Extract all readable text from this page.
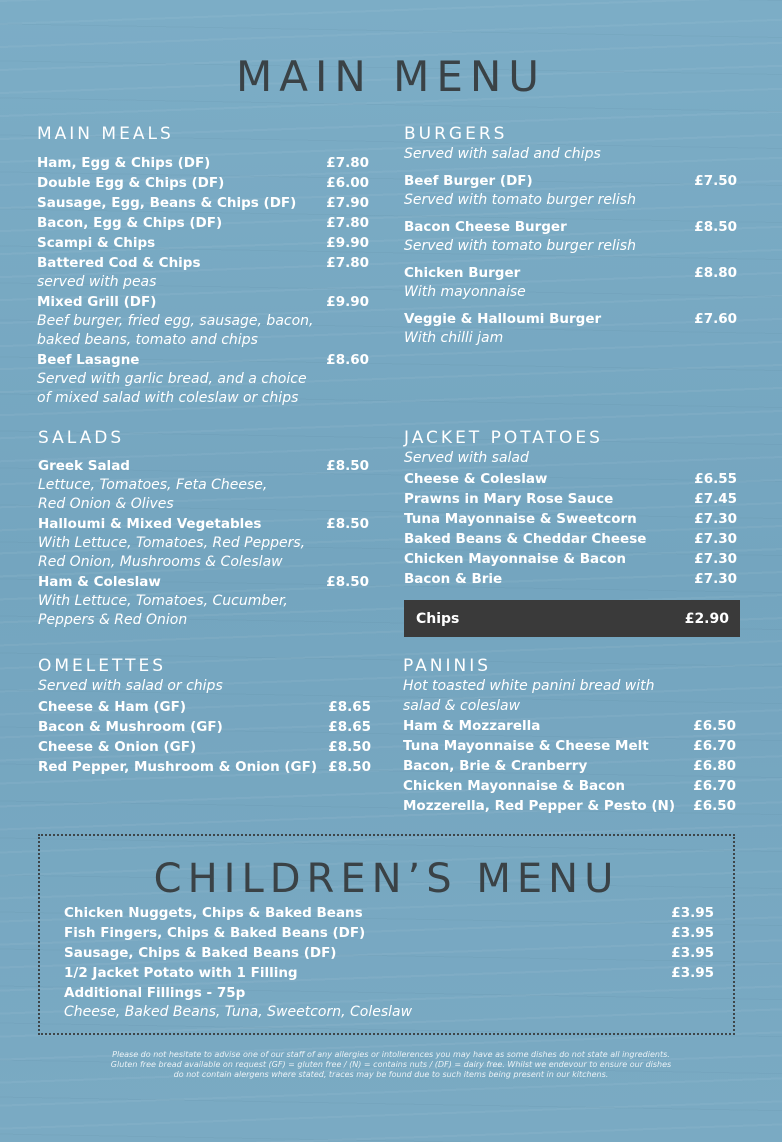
MAIN MENU
MAIN MEALS
Ham, Egg & Chips (DF)	£7.80
Double Egg & Chips (DF)	£6.00
Sausage, Egg, Beans & Chips (DF) £7.90
Bacon, Egg & Chips (DF)	£7.80
Scampi & Chips	£9.90
Battered Cod & Chips	£7.80
served with peas
Mixed Grill (DF)	£9.90
Beef burger, fried egg, sausage, bacon,
baked beans, tomato and chips
Beef Lasagne	£8.60
Served with garlic bread, and a choice
of mixed salad with coleslaw or chips
BURGERS
Served with salad and chips
Beef Burger (DF)	£7.50
Served with tomato burger relish
Bacon Cheese Burger	£8.50
Served with tomato burger relish
Chicken Burger	£8.80
With mayonnaise
Veggie & Halloumi Burger	£7.60
With chilli jam
SALADS
Greek Salad	£8.50
Lettuce, Tomatoes, Feta Cheese,
Red Onion & Olives
Halloumi & Mixed Vegetables	£8.50
With Lettuce, Tomatoes, Red Peppers,
Red Onion, Mushrooms & Coleslaw
Ham & Coleslaw	£8.50
With Lettuce, Tomatoes, Cucumber,
Peppers & Red Onion
JACKET POTATOES
Served with salad
Cheese & Coleslaw	£6.55
Prawns in Mary Rose Sauce	£7.45
Tuna Mayonnaise & Sweetcorn	£7.30
Baked Beans & Cheddar Cheese	£7.30
Chicken Mayonnaise & Bacon	£7.30
Bacon & Brie	£7.30
Chips	£2.90
OMELETTES
Served with salad or chips
Cheese & Ham (GF)	£8.65
Bacon & Mushroom (GF)	£8.65
Cheese & Onion (GF)	£8.50
Red Pepper, Mushroom & Onion (GF) £8.50
PANINIS
Hot toasted white panini bread with
salad & coleslaw
Ham & Mozzarella	£6.50
Tuna Mayonnaise & Cheese Melt	£6.70
Bacon, Brie & Cranberry	£6.80
Chicken Mayonnaise & Bacon	£6.70
Mozzerella, Red Pepper & Pesto (N) £6.50
CHILDREN’S MENU
Chicken Nuggets, Chips & Baked Beans	£3.95
Fish Fingers, Chips & Baked Beans (DF)	£3.95
Sausage, Chips & Baked Beans (DF)	£3.95
1/2 Jacket Potato with 1 Filling	£3.95
Additional Fillings - 75p
Cheese, Baked Beans, Tuna, Sweetcorn, Coleslaw
Please do not hesitate to advise one of our staff of any allergies or intollerences you may have as some dishes do not state all ingredients.
Gluten free bread available on request (GF) = gluten free / (N) = contains nuts / (DF) = dairy free. Whilst we endevour to ensure our dishes
do not contain alergens where stated, traces may be found due to such items being present in our kitchens.
